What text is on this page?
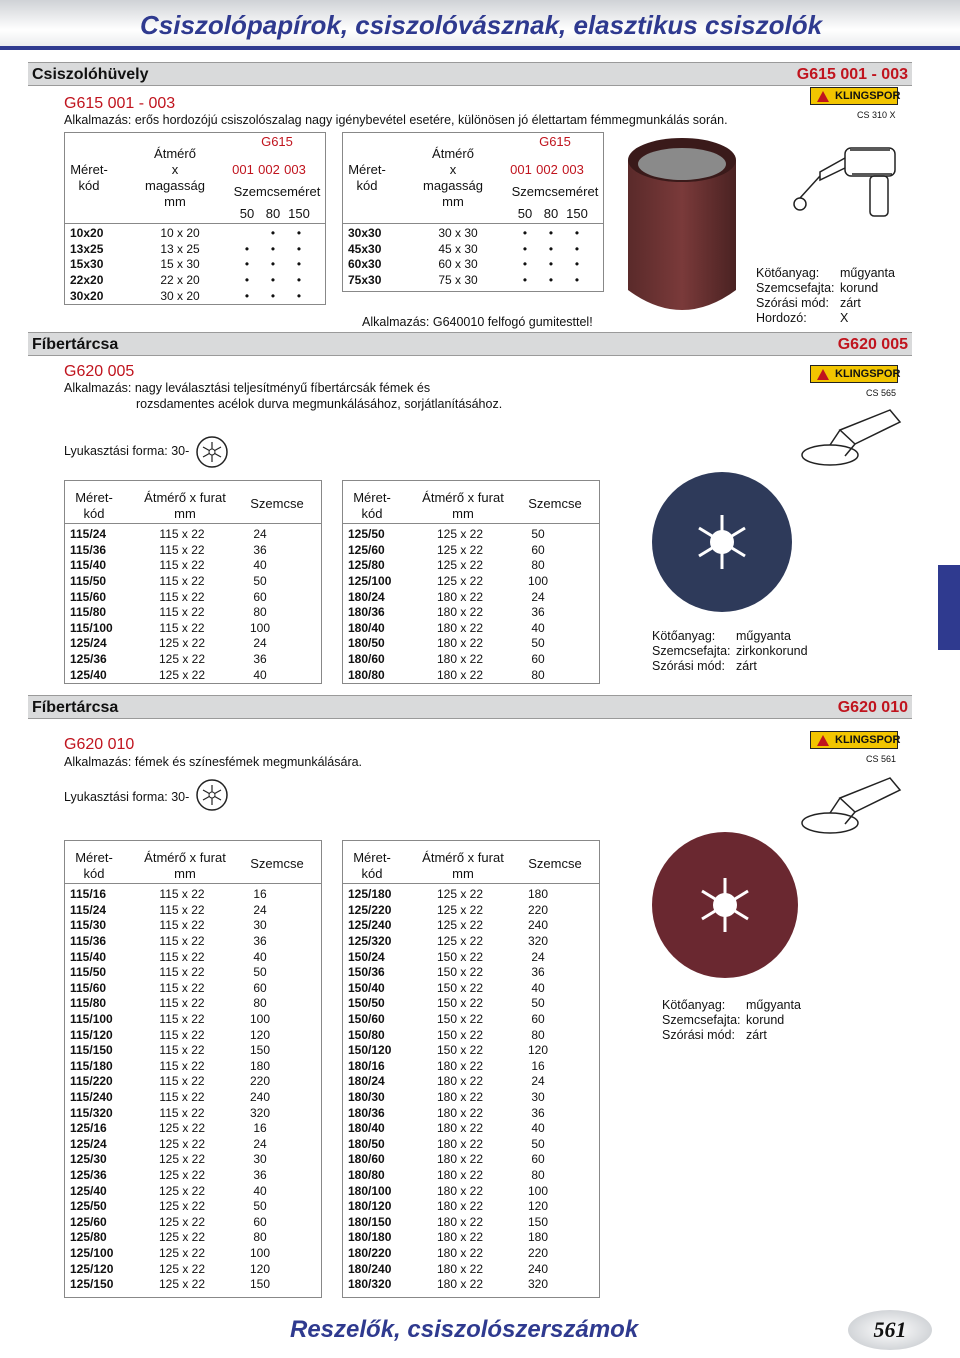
Csiszolópapírok, csiszolóvásznak, elasztikus csiszolók
Csiszolóhüvely	G615 001 - 003
G615 001 - 003
Alkalmazás: erős hordozójú csiszolószalag nagy igénybevétel esetére, különösen jó élettartam fémmegmunkálás során.
KLINGSPOR
CS 310 X
Méret-
kód
Átmérő
x
magasság
mm
G615
001 002 003
Szemcseméret
50 80 150
10x20	10 x 20			•	•
13x25	13 x 25		•	•	•
15x30	15 x 30		•	•	•
22x20	22 x 20		•	•	•
30x20	30 x 20		•	•	•
Méret-
kód
Átmérő
x
magasság
mm
G615
001 002 003
Szemcseméret
50 80 150
30x30	30 x 30		•	•	•
45x30	45 x 30		•	•	•
60x30	60 x 30		•	•	•
75x30	75 x 30		•	•	•
Alkalmazás: G640010 felfogó gumitesttel!
Kötőanyag: műgyanta
Szemcsefajta: korund
Szórási mód: zárt
Hordozó:	X
Fíbertárcsa	G620 005
G620 005
Alkalmazás: nagy leválasztási teljesítményű fíbertárcsák fémek és
rozsdamentes acélok durva megmunkálásához, sorjátlanításához.
KLINGSPOR
CS 565
Lyukasztási forma: 30-
Méret-
kód
Átmérő x furat
mm
Szemcse
115/24	115 x 22	24
115/36	115 x 22	36
115/40	115 x 22	40
115/50	115 x 22	50
115/60	115 x 22	60
115/80	115 x 22	80
115/100	115 x 22	100
125/24	125 x 22	24
125/36	125 x 22	36
125/40	125 x 22	40
Méret-
kód
Átmérő x furat
mm
Szemcse
125/50	125 x 22	50
125/60	125 x 22	60
125/80	125 x 22	80
125/100	125 x 22	100
180/24	180 x 22	24
180/36	180 x 22	36
180/40	180 x 22	40
180/50	180 x 22	50
180/60	180 x 22	60
180/80	180 x 22	80
Kötőanyag: műgyanta
Szemcsefajta: zirkonkorund
Szórási mód: zárt
Fíbertárcsa	G620 010
G620 010
Alkalmazás: fémek és színesfémek megmunkálására.
KLINGSPOR
CS 561
Lyukasztási forma: 30-
Méret-
kód
Átmérő x furat
mm
Szemcse
115/16	115 x 22	16
115/24	115 x 22	24
115/30	115 x 22	30
115/36	115 x 22	36
115/40	115 x 22	40
115/50	115 x 22	50
115/60	115 x 22	60
115/80	115 x 22	80
115/100	115 x 22	100
115/120	115 x 22	120
115/150	115 x 22	150
115/180	115 x 22	180
115/220	115 x 22	220
115/240	115 x 22	240
115/320	115 x 22	320
125/16	125 x 22	16
125/24	125 x 22	24
125/30	125 x 22	30
125/36	125 x 22	36
125/40	125 x 22	40
125/50	125 x 22	50
125/60	125 x 22	60
125/80	125 x 22	80
125/100	125 x 22	100
125/120	125 x 22	120
125/150	125 x 22	150
Méret-
kód
Átmérő x furat
mm
Szemcse
125/180	125 x 22	180
125/220	125 x 22	220
125/240	125 x 22	240
125/320	125 x 22	320
150/24	150 x 22	24
150/36	150 x 22	36
150/40	150 x 22	40
150/50	150 x 22	50
150/60	150 x 22	60
150/80	150 x 22	80
150/120	150 x 22	120
180/16	180 x 22	16
180/24	180 x 22	24
180/30	180 x 22	30
180/36	180 x 22	36
180/40	180 x 22	40
180/50	180 x 22	50
180/60	180 x 22	60
180/80	180 x 22	80
180/100	180 x 22	100
180/120	180 x 22	120
180/150	180 x 22	150
180/180	180 x 22	180
180/220	180 x 22	220
180/240	180 x 22	240
180/320	180 x 22	320
Kötőanyag: műgyanta
Szemcsefajta: korund
Szórási mód: zárt
Reszelők, csiszolószerszámok	561
